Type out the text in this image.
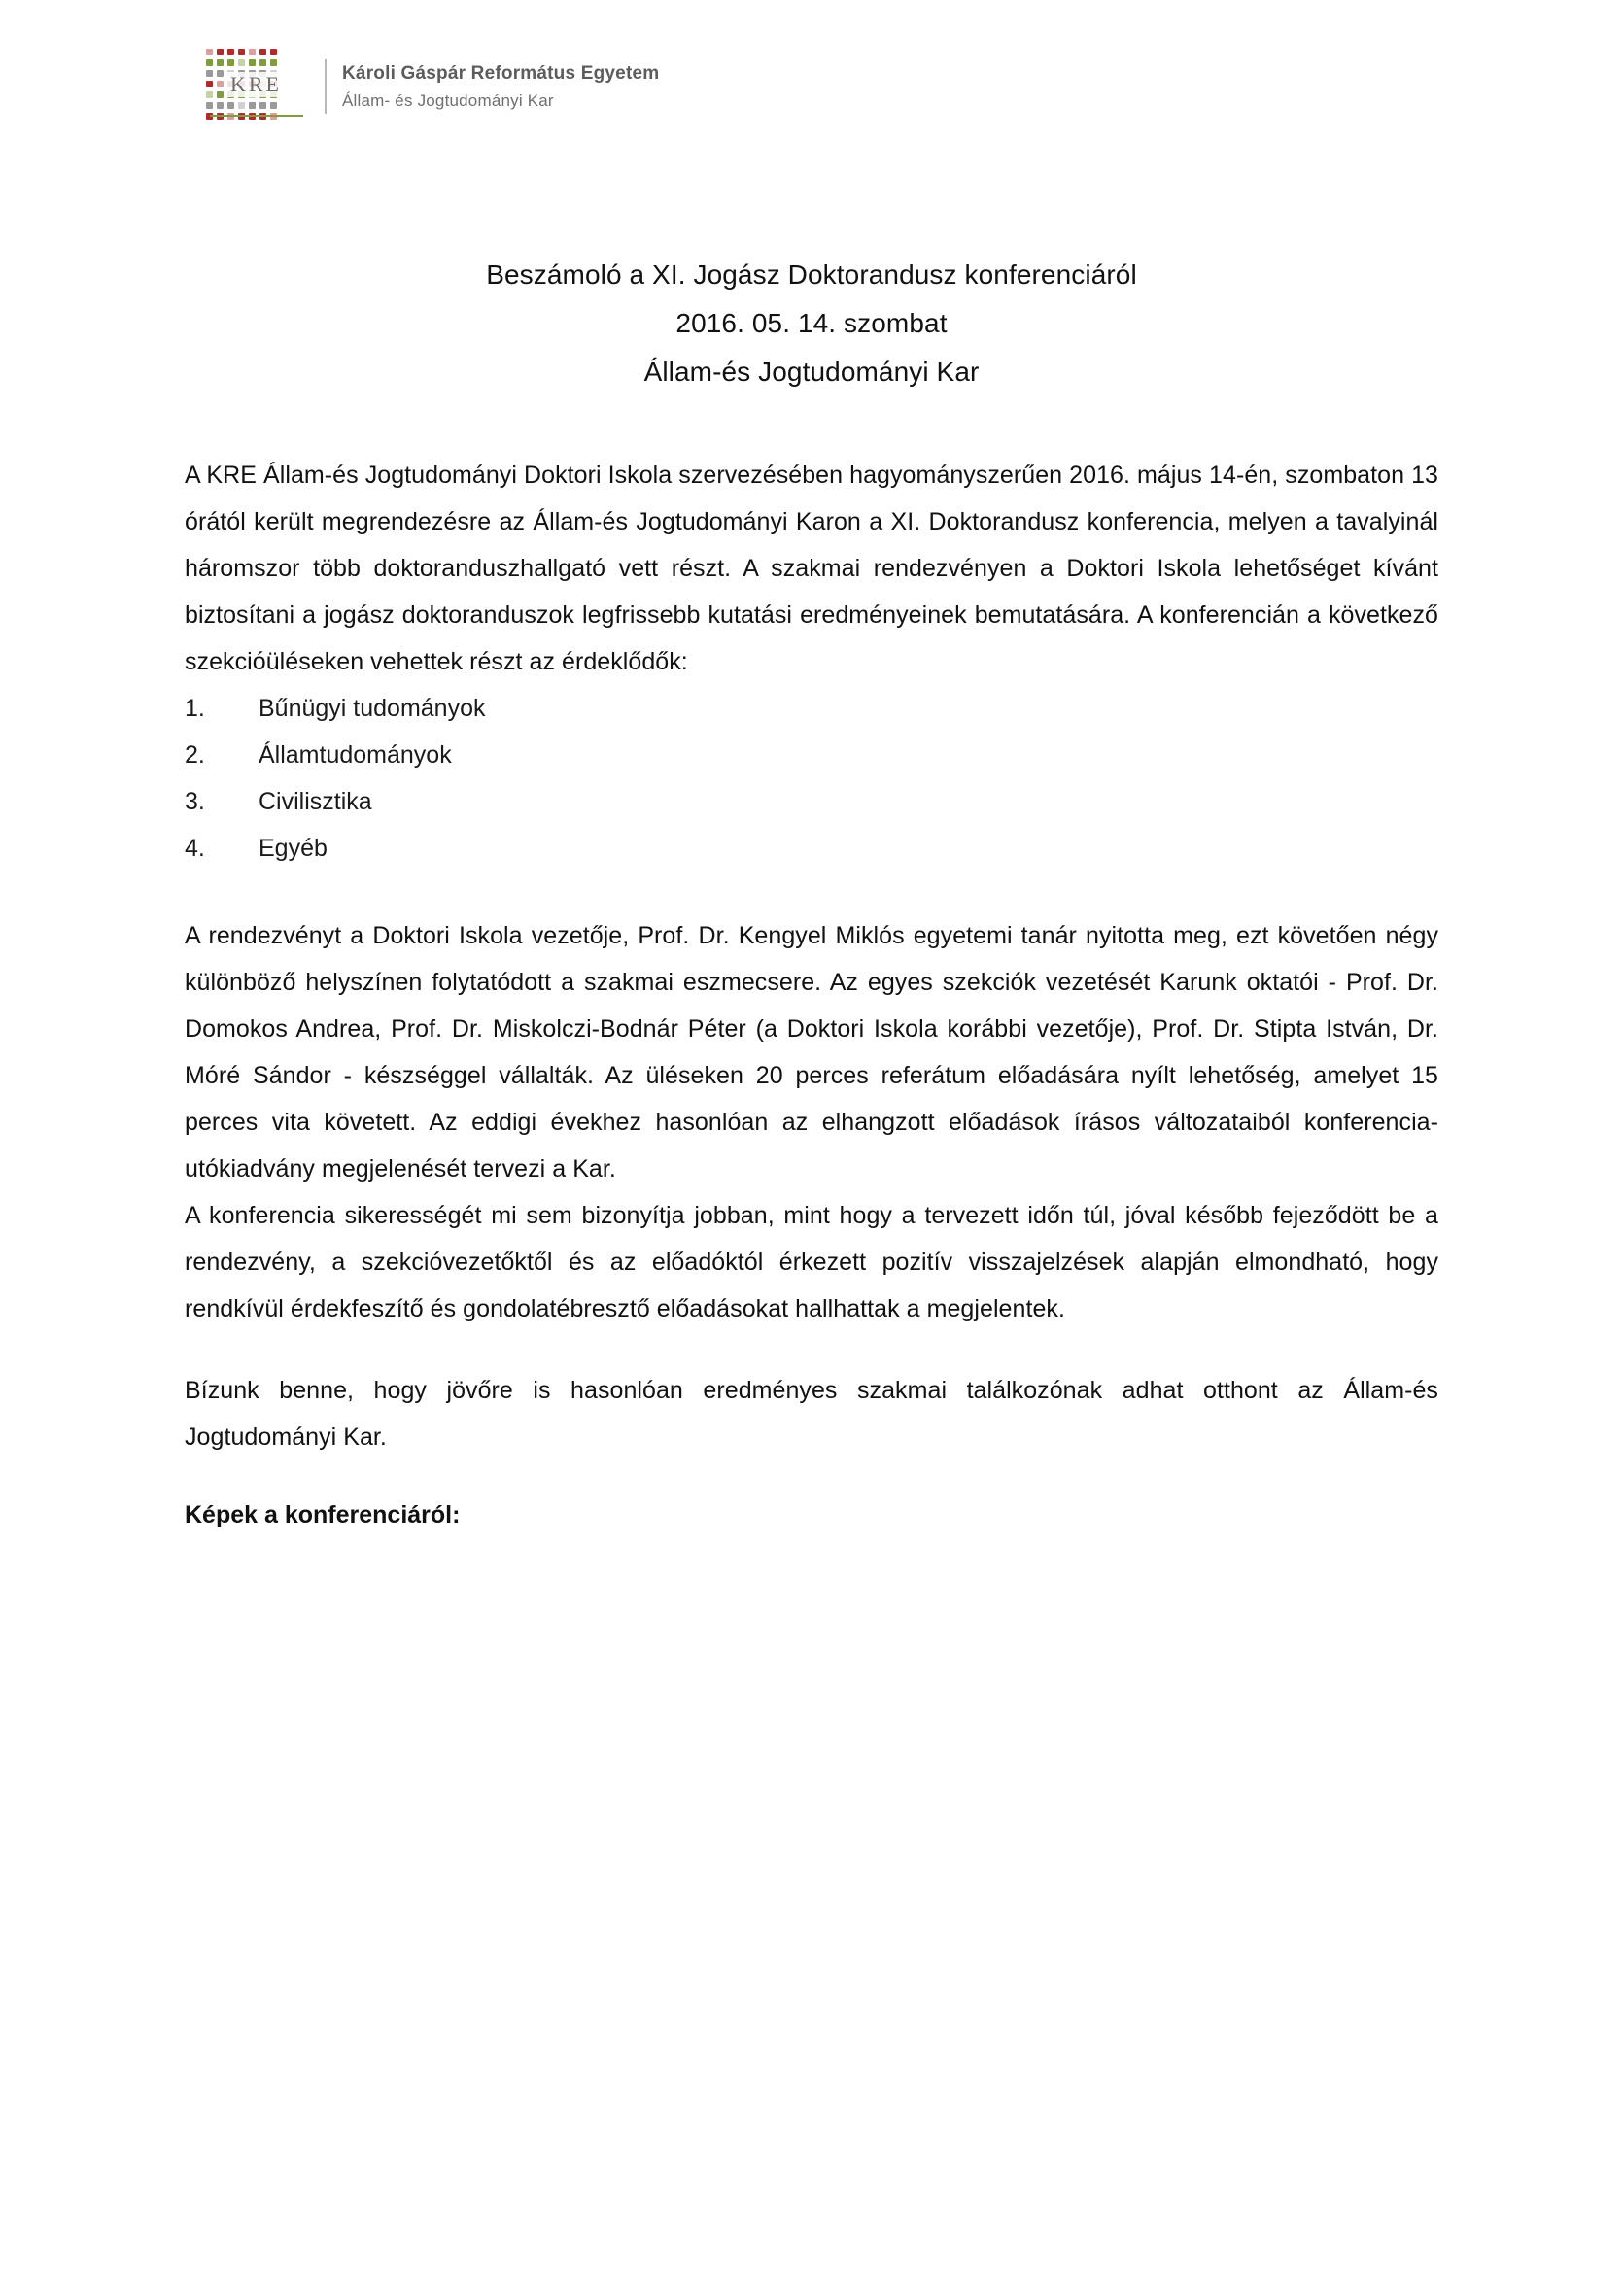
KRE	Károli Gáspár Református Egyetem
Állam- és Jogtudományi Kar
Beszámoló a XI. Jogász Doktorandusz konferenciáról
2016. 05. 14. szombat
Állam-és Jogtudományi Kar

A KRE Állam-és Jogtudományi Doktori Iskola szervezésében hagyományszerűen 2016. május 14-én, szombaton 13 órától került megrendezésre az Állam-és Jogtudományi Karon a XI. Doktorandusz konferencia, melyen a tavalyinál háromszor több doktoranduszhallgató vett részt. A szakmai rendezvényen a Doktori Iskola lehetőséget kívánt biztosítani a jogász doktoranduszok legfrissebb kutatási eredményeinek bemutatására. A konferencián a következő szekcióüléseken vehettek részt az érdeklődők:

1.	Bűnügyi tudományok
2.	Államtudományok
3.	Civilisztika
4.	Egyéb

A rendezvényt a Doktori Iskola vezetője, Prof. Dr. Kengyel Miklós egyetemi tanár nyitotta meg, ezt követően négy különböző helyszínen folytatódott a szakmai eszmecsere. Az egyes szekciók vezetését Karunk oktatói - Prof. Dr. Domokos Andrea, Prof. Dr. Miskolczi-Bodnár Péter (a Doktori Iskola korábbi vezetője), Prof. Dr. Stipta István, Dr. Móré Sándor - készséggel vállalták. Az üléseken 20 perces referátum előadására nyílt lehetőség, amelyet 15 perces vita követett. Az eddigi évekhez hasonlóan az elhangzott előadások írásos változataiból konferencia-utókiadvány megjelenését tervezi a Kar.

A konferencia sikerességét mi sem bizonyítja jobban, mint hogy a tervezett időn túl, jóval később fejeződött be a rendezvény, a szekcióvezetőktől és az előadóktól érkezett pozitív visszajelzések alapján elmondható, hogy rendkívül érdekfeszítő és gondolatébresztő előadásokat hallhattak a megjelentek.

Bízunk benne, hogy jövőre is hasonlóan eredményes szakmai találkozónak adhat otthont az Állam-és Jogtudományi Kar.

Képek a konferenciáról:
